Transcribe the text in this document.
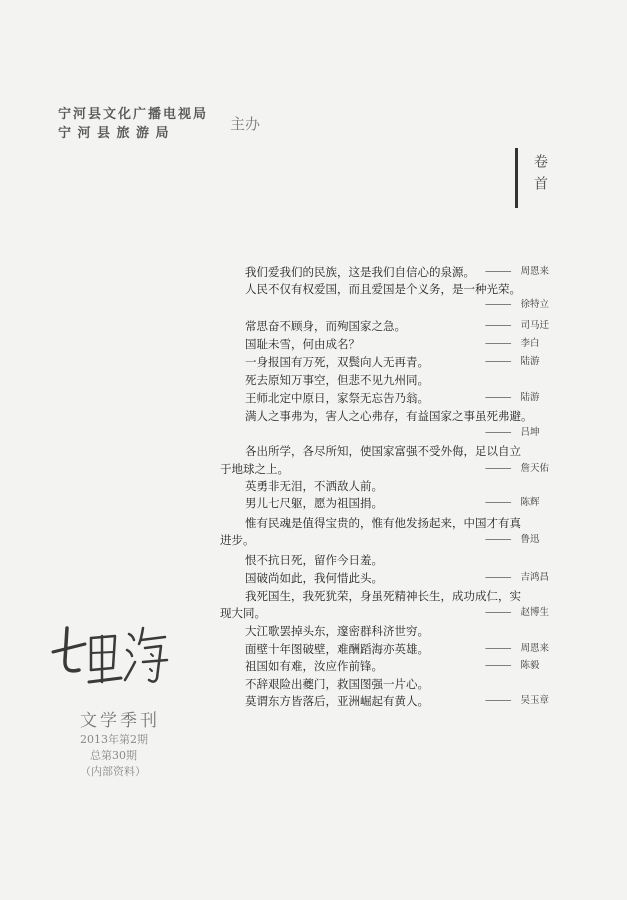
宁河县文化广播电视局
宁河县旅游局
主办
卷首
我们爱我们的民族，这是我们自信心的泉源。 ——— 周恩来
人民不仅有权爱国，而且爱国是个义务，是一种光荣。
——— 徐特立
常思奋不顾身，而殉国家之急。	——— 司马迁
国耻未雪，何由成名？	——— 李白
一身报国有万死，双鬓向人无再青。	——— 陆游
死去原知万事空，但悲不见九州同。
王师北定中原日，家祭无忘告乃翁。	——— 陆游
满人之事弗为，害人之心弗存，有益国家之事虽死弗避。
——— 吕坤
各出所学，各尽所知，使国家富强不受外侮，足以自立
于地球之上。	——— 詹天佑
英勇非无泪，不洒敌人前。
男儿七尺躯，愿为祖国捐。	——— 陈辉
惟有民魂是值得宝贵的，惟有他发扬起来，中国才有真
进步。	——— 鲁迅
恨不抗日死，留作今日羞。
国破尚如此，我何惜此头。	——— 吉鸿昌
我死国生，我死犹荣，身虽死精神长生，成功成仁，实
现大同。	——— 赵博生
大江歌罢掉头东，邃密群科济世穷。
面壁十年图破壁，难酬蹈海亦英雄。	——— 周恩来
祖国如有难，汝应作前锋。	——— 陈毅
不辞艰险出夔门，救国图强一片心。
莫谓东方皆落后，亚洲崛起有黄人。	——— 吴玉章
文学季刊
2013年第2期
总第30期
（内部资料）
